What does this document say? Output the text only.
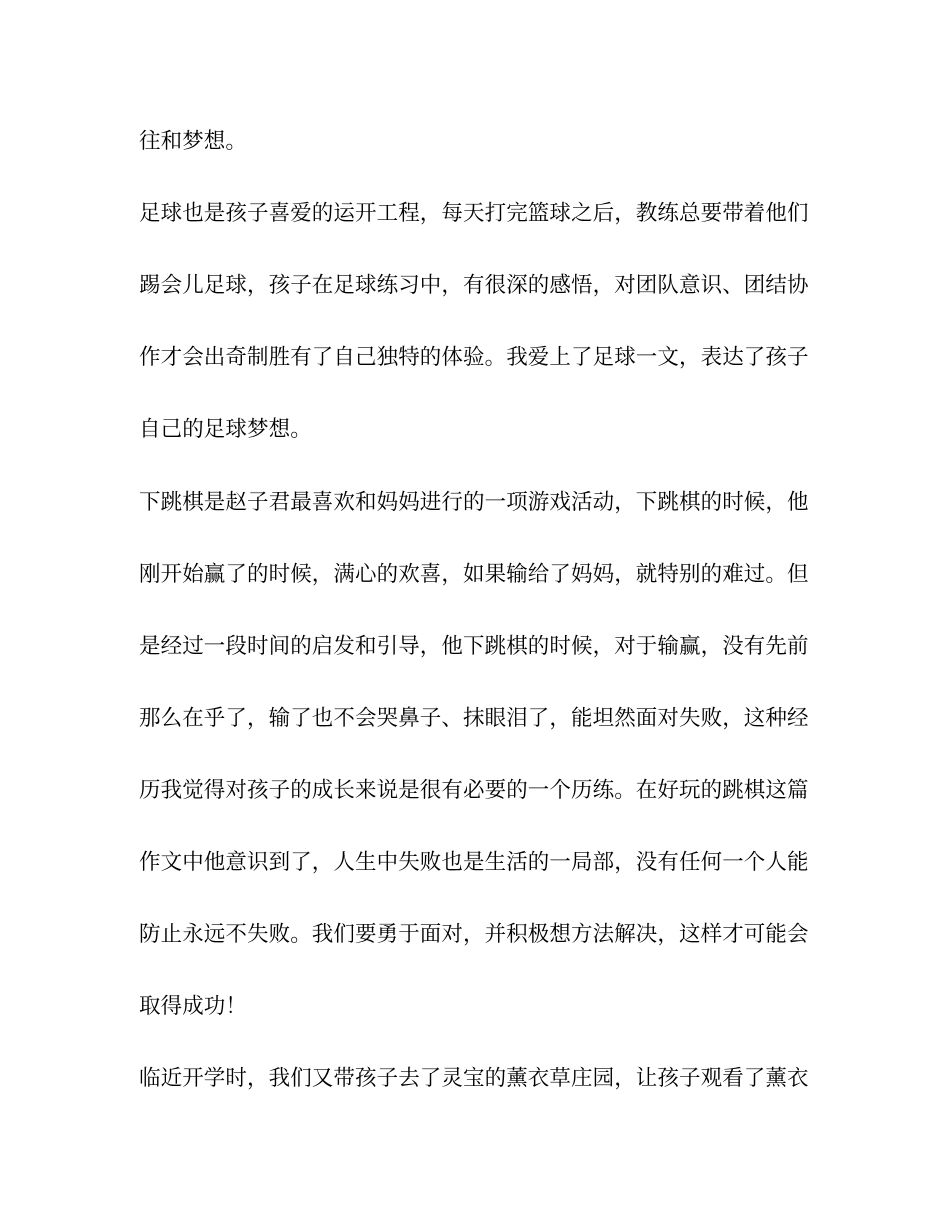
往和梦想。
足球也是孩子喜爱的运开工程，每天打完篮球之后，教练总要带着他们
踢会儿足球，孩子在足球练习中，有很深的感悟，对团队意识、团结协
作才会出奇制胜有了自己独特的体验。我爱上了足球一文，表达了孩子
自己的足球梦想。
下跳棋是赵子君最喜欢和妈妈进行的一项游戏活动，下跳棋的时候，他
刚开始赢了的时候，满心的欢喜，如果输给了妈妈，就特别的难过。但
是经过一段时间的启发和引导，他下跳棋的时候，对于输赢，没有先前
那么在乎了，输了也不会哭鼻子、抹眼泪了，能坦然面对失败，这种经
历我觉得对孩子的成长来说是很有必要的一个历练。在好玩的跳棋这篇
作文中他意识到了，人生中失败也是生活的一局部，没有任何一个人能
防止永远不失败。我们要勇于面对，并积极想方法解决，这样才可能会
取得成功！
临近开学时，我们又带孩子去了灵宝的薰衣草庄园，让孩子观看了薰衣
